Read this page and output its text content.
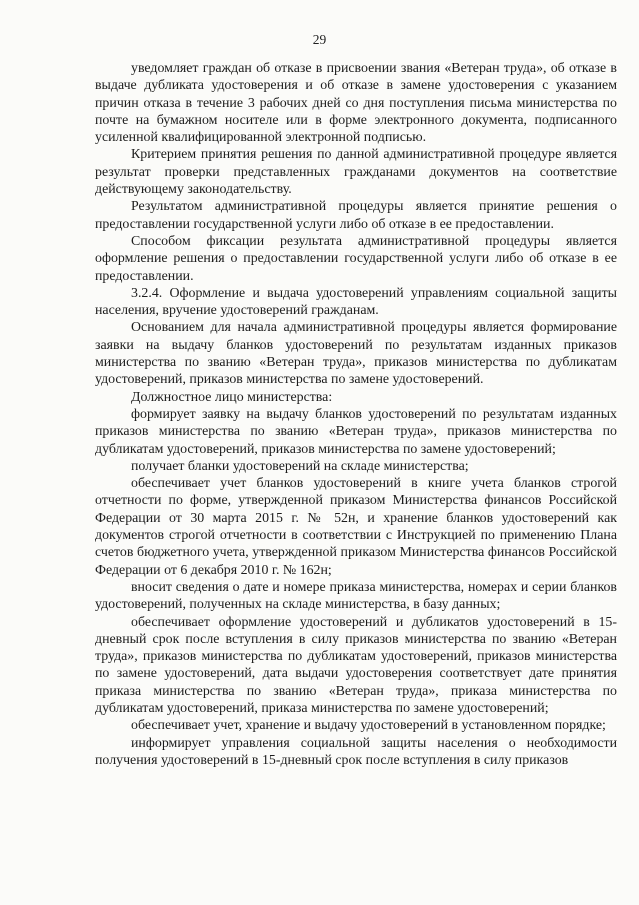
29

уведомляет граждан об отказе в присвоении звания «Ветеран труда», об отказе в выдаче дубликата удостоверения и об отказе в замене удостоверения с указанием причин отказа в течение 3 рабочих дней со дня поступления письма министерства по почте на бумажном носителе или в форме электронного документа, подписанного усиленной квалифицированной электронной подписью.

Критерием принятия решения по данной административной процедуре является результат проверки представленных гражданами документов на соответствие действующему законодательству.

Результатом административной процедуры является принятие решения о предоставлении государственной услуги либо об отказе в ее предоставлении.

Способом фиксации результата административной процедуры является оформление решения о предоставлении государственной услуги либо об отказе в ее предоставлении.

3.2.4. Оформление и выдача удостоверений управлениям социальной защиты населения, вручение удостоверений гражданам.

Основанием для начала административной процедуры является формирование заявки на выдачу бланков удостоверений по результатам изданных приказов министерства по званию «Ветеран труда», приказов министерства по дубликатам удостоверений, приказов министерства по замене удостоверений.

Должностное лицо министерства:

формирует заявку на выдачу бланков удостоверений по результатам изданных приказов министерства по званию «Ветеран труда», приказов министерства по дубликатам удостоверений, приказов министерства по замене удостоверений;

получает бланки удостоверений на складе министерства;

обеспечивает учет бланков удостоверений в книге учета бланков строгой отчетности по форме, утвержденной приказом Министерства финансов Российской Федерации от 30 марта 2015 г. № 52н, и хранение бланков удостоверений как документов строгой отчетности в соответствии с Инструкцией по применению Плана счетов бюджетного учета, утвержденной приказом Министерства финансов Российской Федерации от 6 декабря 2010 г. № 162н;

вносит сведения о дате и номере приказа министерства, номерах и серии бланков удостоверений, полученных на складе министерства, в базу данных;

обеспечивает оформление удостоверений и дубликатов удостоверений в 15-дневный срок после вступления в силу приказов министерства по званию «Ветеран труда», приказов министерства по дубликатам удостоверений, приказов министерства по замене удостоверений, дата выдачи удостоверения соответствует дате принятия приказа министерства по званию «Ветеран труда», приказа министерства по дубликатам удостоверений, приказа министерства по замене удостоверений;

обеспечивает учет, хранение и выдачу удостоверений в установленном порядке;

информирует управления социальной защиты населения о необходимости получения удостоверений в 15-дневный срок после вступления в силу приказов
